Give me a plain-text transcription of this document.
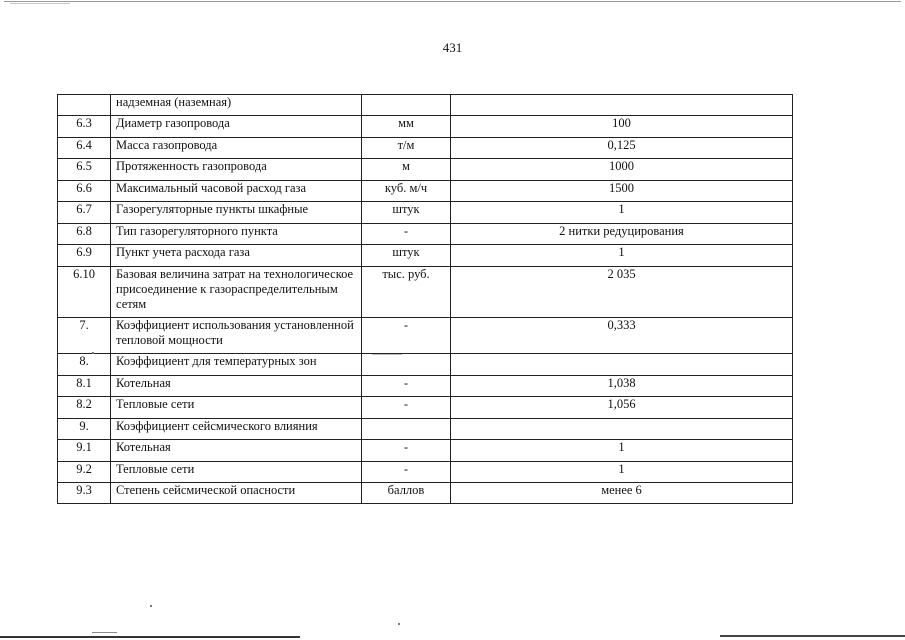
431
	надземная (наземная)		
6.3	Диаметр газопровода	мм	100
6.4	Масса газопровода	т/м	0,125
6.5	Протяженность газопровода	м	1000
6.6	Максимальный часовой расход газа	куб. м/ч	1500
6.7	Газорегуляторные пункты шкафные	штук	1
6.8	Тип газорегуляторного пункта	-	2 нитки редуцирования
6.9	Пункт учета расхода газа	штук	1
6.10	Базовая величина затрат на технологическое присоединение к газораспределительным сетям	тыс. руб.	2 035
7.	Коэффициент использования установленной тепловой мощности	-	0,333
8.	Коэффициент для температурных зон		
8.1	Котельная	-	1,038
8.2	Тепловые сети	-	1,056
9.	Коэффициент сейсмического влияния		
9.1	Котельная	-	1
9.2	Тепловые сети	-	1
9.3	Степень сейсмической опасности	баллов	менее 6
